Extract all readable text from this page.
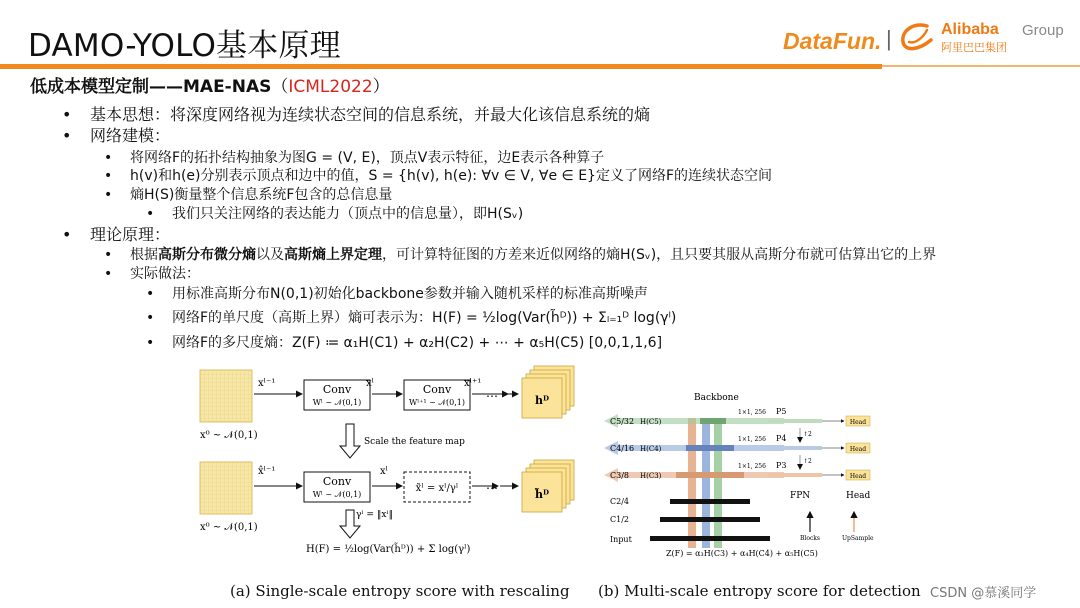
DAMO-YOLO基本原理	DataFun. |	Alibaba Group
阿里巴巴集团
低成本模型定制——MAE-NAS（ICML2022）
• 基本思想：将深度网络视为连续状态空间的信息系统，并最大化该信息系统的熵
• 网络建模：
• 将网络F的拓扑结构抽象为图G = (V, E)，顶点V表示特征，边E表示各种算子
• h(v)和h(e)分别表示顶点和边中的值，S = {h(v), h(e): ∀v ∈ V, ∀e ∈ E}定义了网络F的连续状态空间
• 熵H(S)衡量整个信息系统F包含的总信息量
• 我们只关注网络的表达能力（顶点中的信息量），即H(Sᵥ)
• 理论原理：
• 根据高斯分布微分熵以及高斯熵上界定理，可计算特征图的方差来近似网络的熵H(Sᵥ)，且只要其服从高斯分布就可估算出它的上界
• 实际做法：
• 用标准高斯分布N(0,1)初始化backbone参数并输入随机采样的标准高斯噪声
• 网络F的单尺度（高斯上界）熵可表示为：H(F) = ½log(Var(h̃ᴰ)) + Σₗ₌₁ᴰ log(γˡ)
• 网络F的多尺度熵：Z(F) ≔ α₁H(C1) + α₂H(C2) + ⋯ + α₅H(C5) [0,0,1,1,6]
x⁰ ~ 𝒩(0,1)
xˡ⁻¹	Conv
Wˡ ~ 𝒩(0,1)
xˡ	Conv
Wˡ⁺¹ ~ 𝒩(0,1)
xˡ⁺¹
⋯	hᴰ
Scale the feature map
x⁰ ~ 𝒩(0,1)
x̂ˡ⁻¹
Conv
Wˡ ~ 𝒩(0,1)
xˡ
γˡ = ‖xˡ‖
x̃ˡ = xˡ/γˡ ⋯	h̃ᴰ
H(F) = ½log(Var(h̃ᴰ)) + Σ log(γˡ)
(a) Single-scale entropy score with rescaling
Backbone
C5/32 H(C5)
C4/16 H(C4)
C3/8 H(C3)
C2/4
C1/2
Input
1×1, 256
1×1, 256
1×1, 256
P5
P4
P3
↑2
↑2
Head
Head
Head
FPN	Head
Blocks	UpSample
Z(F) = α₃H(C3) + α₄H(C4) + α₅H(C5)
(b) Multi-scale entropy score for detection CSDN @慕溪同学
